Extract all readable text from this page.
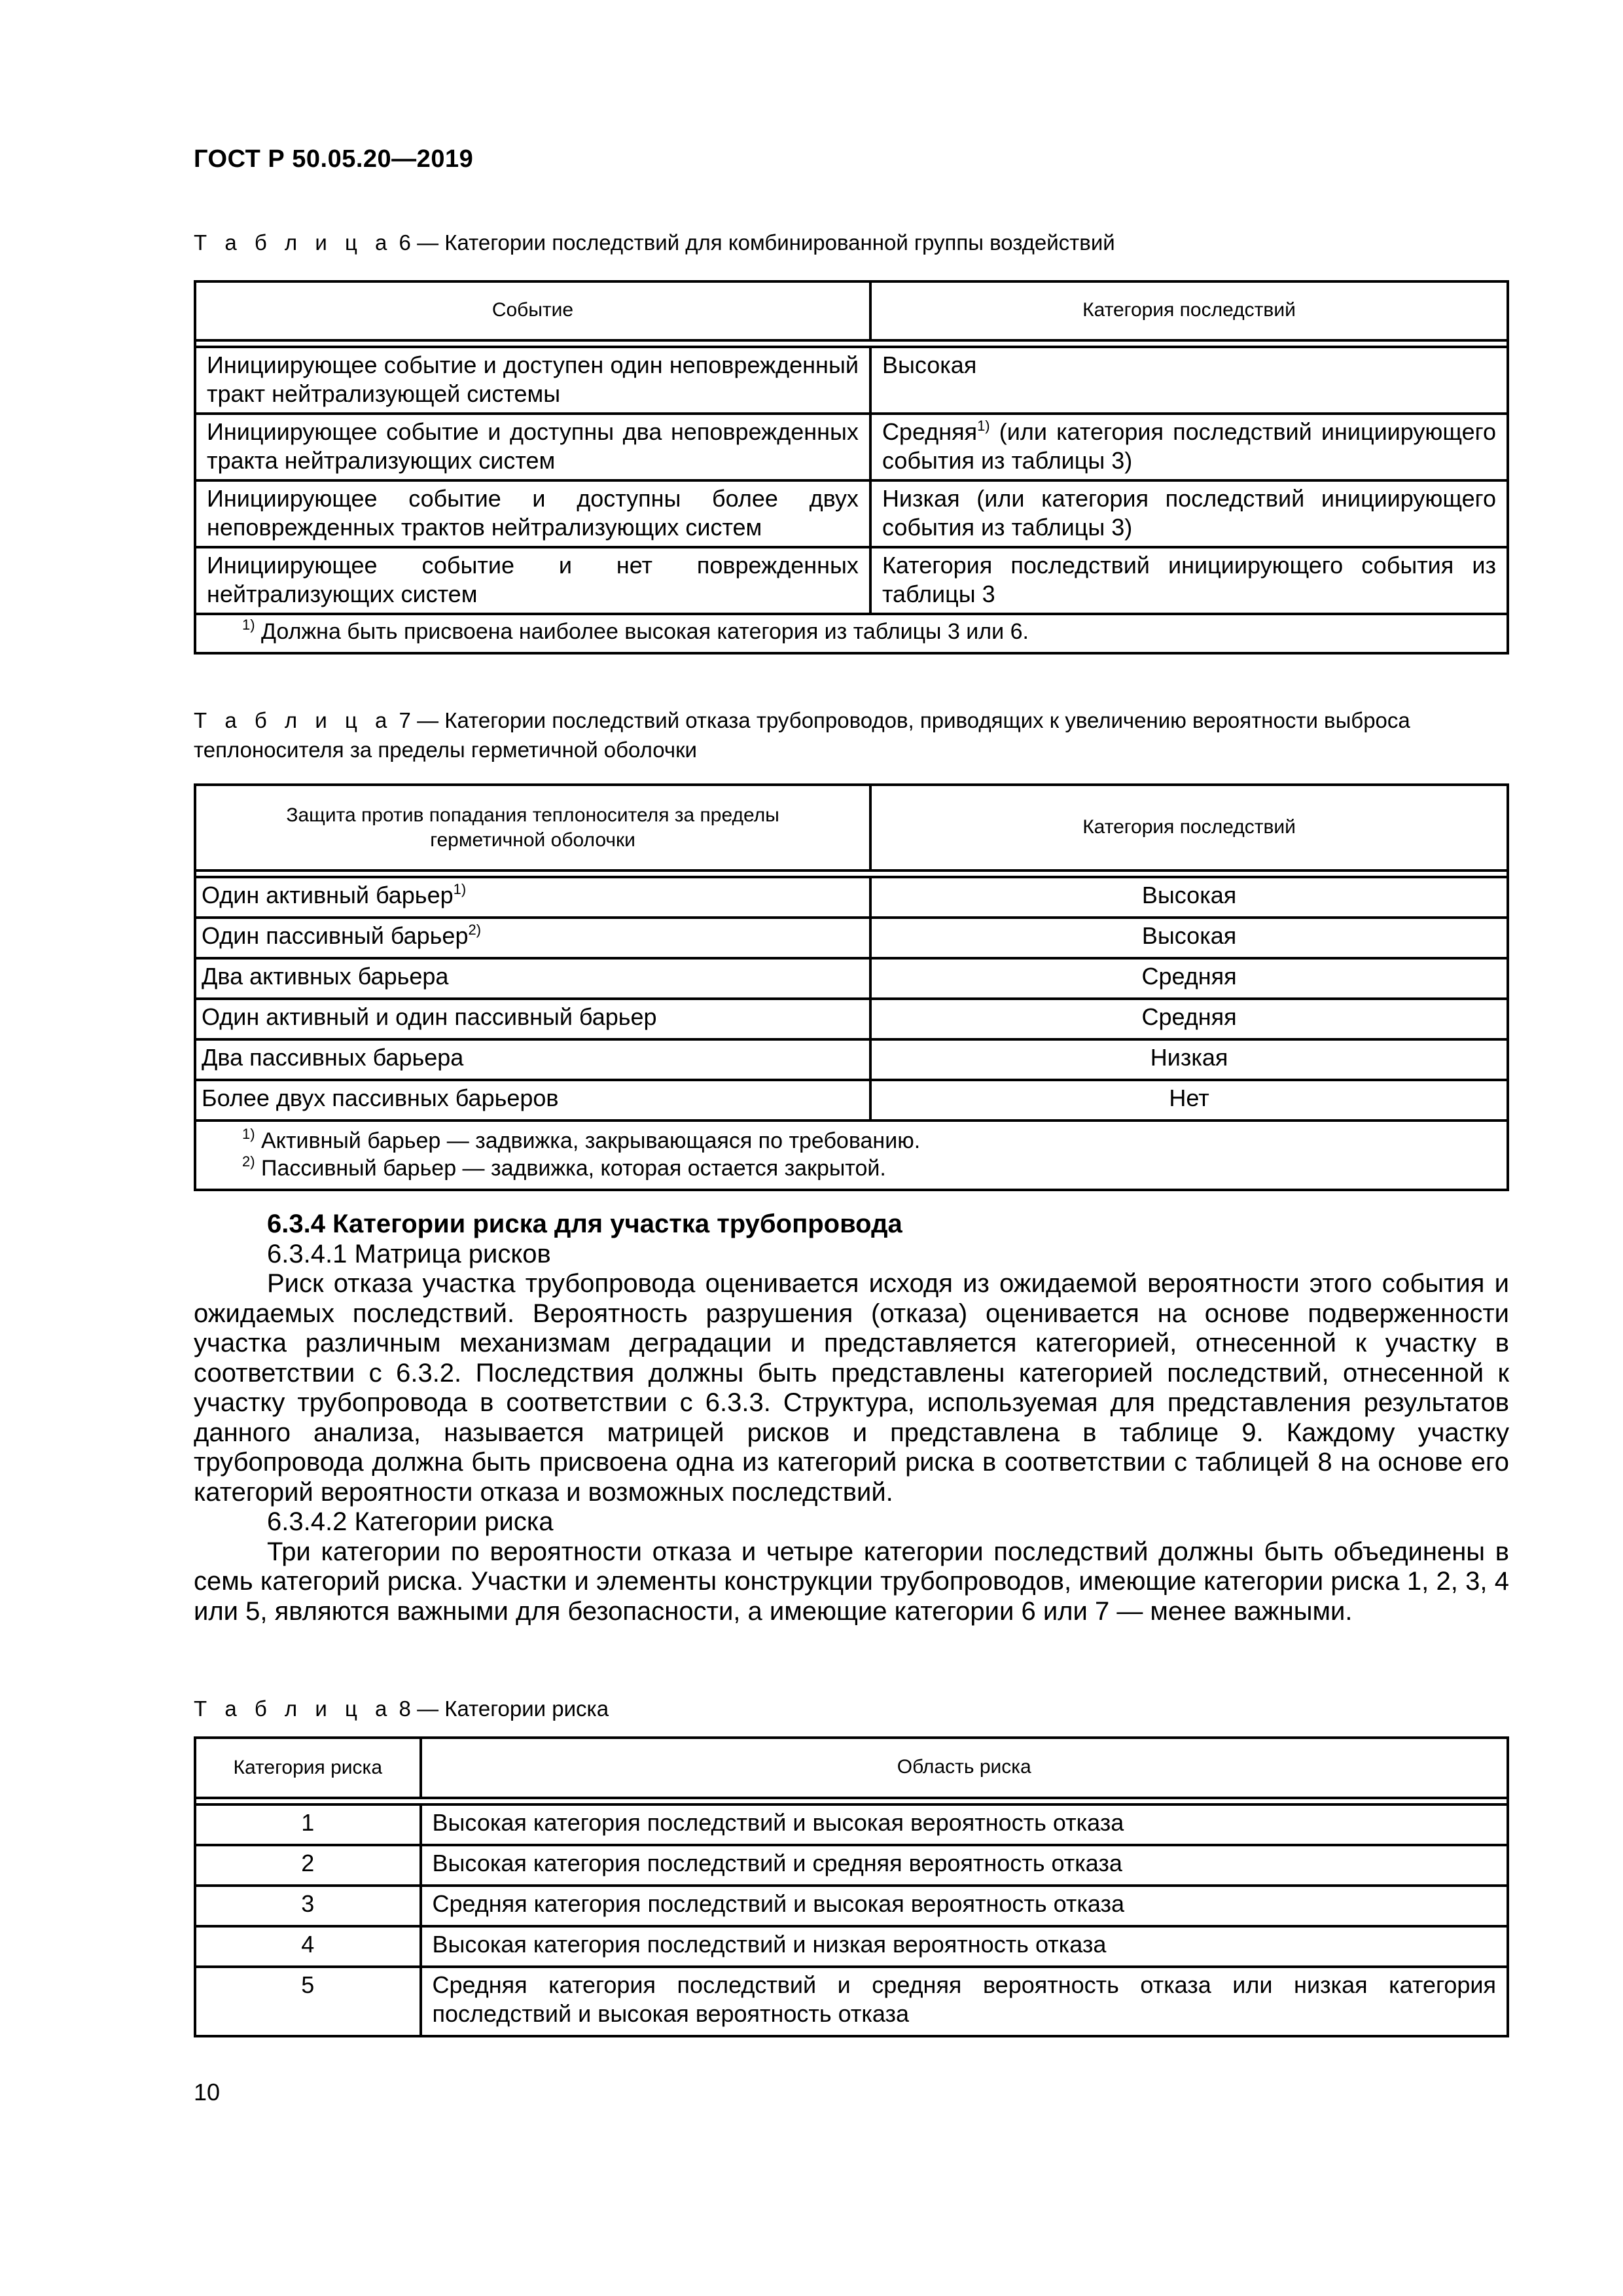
ГОСТ Р 50.05.20—2019
Т а б л и ц а 6 — Категории последствий для комбинированной группы воздействий
Событие	Категория последствий

Инициирующее событие и доступен один неповрежденный тракт нейтрализующей системы	Высокая
Инициирующее событие и доступны два неповрежденных тракта нейтрализующих систем	Средняя$^{1)}$ (или категория последствий инициирующего события из таблицы 3)
Инициирующее событие и доступны более двух неповрежденных трактов нейтрализующих систем	Низкая (или категория последствий инициирующего события из таблицы 3)
Инициирующее событие и нет поврежденных нейтрализующих систем	Категория последствий инициирующего события из таблицы 3
$^{1)}$ Должна быть присвоена наиболее высокая категория из таблицы 3 или 6.	
Т а б л и ц а 7 — Категории последствий отказа трубопроводов, приводящих к увеличению вероятности выброса теплоносителя за пределы герметичной оболочки
Защита против попадания теплоносителя за пределы герметичной оболочки	Категория последствий

Один активный барьер$^{1)}$	Высокая
Один пассивный барьер$^{2)}$	Высокая
Два активных барьера	Средняя
Один активный и один пассивный барьер	Средняя
Два пассивных барьера	Низкая
Более двух пассивных барьеров	Нет

$^{1)}$ Активный барьер — задвижка, закрывающаяся по требованию.
$^{2)}$ Пассивный барьер — задвижка, которая остается закрытой.	
6.3.4 Категории риска для участка трубопровода
6.3.4.1 Матрица рисков

Риск отказа участка трубопровода оценивается исходя из ожидаемой вероятности этого события и ожидаемых последствий. Вероятность разрушения (отказа) оценивается на основе подверженности участка различным механизмам деградации и представляется категорией, отнесенной к участку в соответствии с 6.3.2. Последствия должны быть представлены категорией последствий, отнесенной к участку трубопровода в соответствии с 6.3.3. Структура, используемая для представления результатов данного анализа, называется матрицей рисков и представлена в таблице 9. Каждому участку трубопровода должна быть присвоена одна из категорий риска в соответствии с таблицей 8 на основе его категорий вероятности отказа и возможных последствий.

6.3.4.2 Категории риска

Три категории по вероятности отказа и четыре категории последствий должны быть объединены в семь категорий риска. Участки и элементы конструкции трубопроводов, имеющие категории риска 1, 2, 3, 4 или 5, являются важными для безопасности, а имеющие категории 6 или 7 — менее важными.

Т а б л и ц а 8 — Категории риска
Категория риска	Область риска

1	Высокая категория последствий и высокая вероятность отказа
2	Высокая категория последствий и средняя вероятность отказа
3	Средняя категория последствий и высокая вероятность отказа
4	Высокая категория последствий и низкая вероятность отказа
5	Средняя категория последствий и средняя вероятность отказа или низкая категория последствий и высокая вероятность отказа
10
